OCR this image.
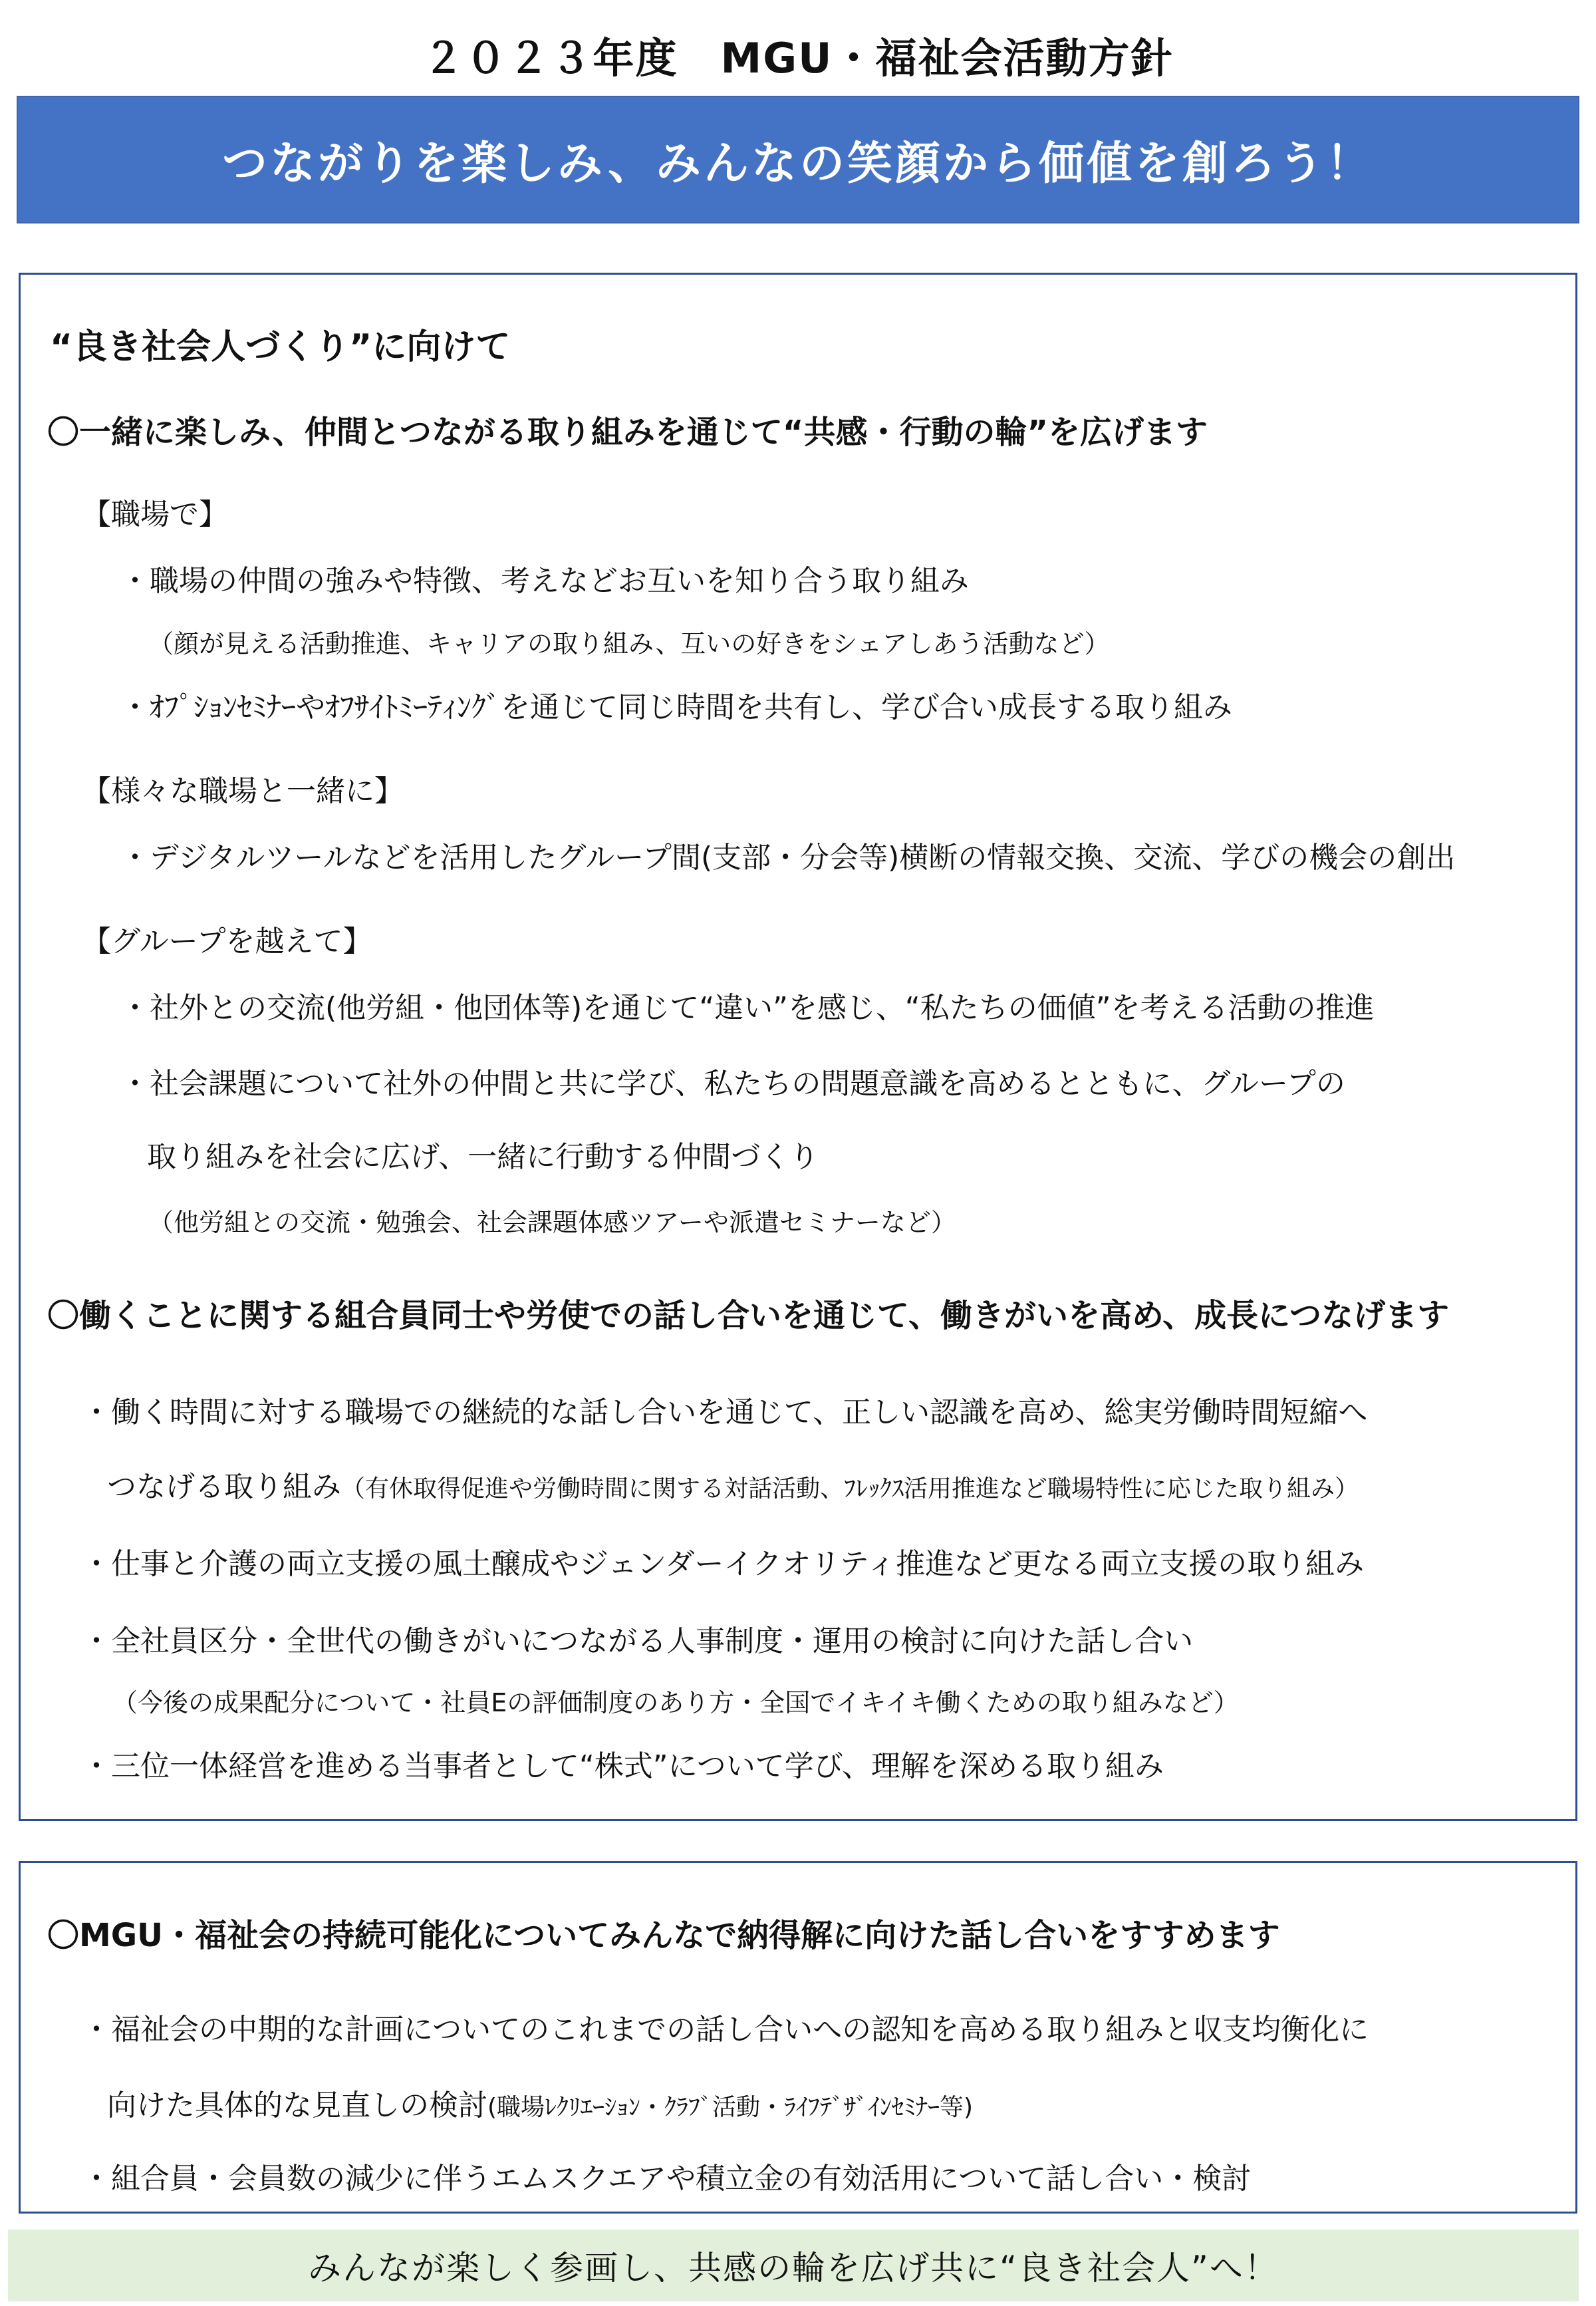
２０２３年度　MGU・福祉会活動方針
つながりを楽しみ、みんなの笑顔から価値を創ろう！
“良き社会人づくり”に向けて
〇一緒に楽しみ、仲間とつながる取り組みを通じて“共感・行動の輪”を広げます
【職場で】
・職場の仲間の強みや特徴、考えなどお互いを知り合う取り組み
（顔が見える活動推進、キャリアの取り組み、互いの好きをシェアしあう活動など）
・ｵﾌﾟｼｮﾝｾﾐﾅｰやｵﾌｻｲﾄﾐｰﾃｨﾝｸﾞを通じて同じ時間を共有し、学び合い成長する取り組み
【様々な職場と一緒に】
・デジタルツールなどを活用したグループ間(支部・分会等)横断の情報交換、交流、学びの機会の創出
【グループを越えて】
・社外との交流(他労組・他団体等)を通じて“違い”を感じ、“私たちの価値”を考える活動の推進
・社会課題について社外の仲間と共に学び、私たちの問題意識を高めるとともに、グループの
取り組みを社会に広げ、一緒に行動する仲間づくり
（他労組との交流・勉強会、社会課題体感ツアーや派遣セミナーなど）
〇働くことに関する組合員同士や労使での話し合いを通じて、働きがいを高め、成長につなげます
・働く時間に対する職場での継続的な話し合いを通じて、正しい認識を高め、総実労働時間短縮へ
つなげる取り組み（有休取得促進や労働時間に関する対話活動、ﾌﾚｯｸｽ活用推進など職場特性に応じた取り組み）
・仕事と介護の両立支援の風土醸成やジェンダーイクオリティ推進など更なる両立支援の取り組み
・全社員区分・全世代の働きがいにつながる人事制度・運用の検討に向けた話し合い
（今後の成果配分について・社員Eの評価制度のあり方・全国でイキイキ働くための取り組みなど）
・三位一体経営を進める当事者として“株式”について学び、理解を深める取り組み
〇MGU・福祉会の持続可能化についてみんなで納得解に向けた話し合いをすすめます
・福祉会の中期的な計画についてのこれまでの話し合いへの認知を高める取り組みと収支均衡化に
向けた具体的な見直しの検討(職場ﾚｸﾘｴｰｼｮﾝ・ｸﾗﾌﾞ活動・ﾗｲﾌﾃﾞｻﾞｲﾝｾﾐﾅｰ等)
・組合員・会員数の減少に伴うエムスクエアや積立金の有効活用について話し合い・検討
みんなが楽しく参画し、共感の輪を広げ共に“良き社会人”へ！
